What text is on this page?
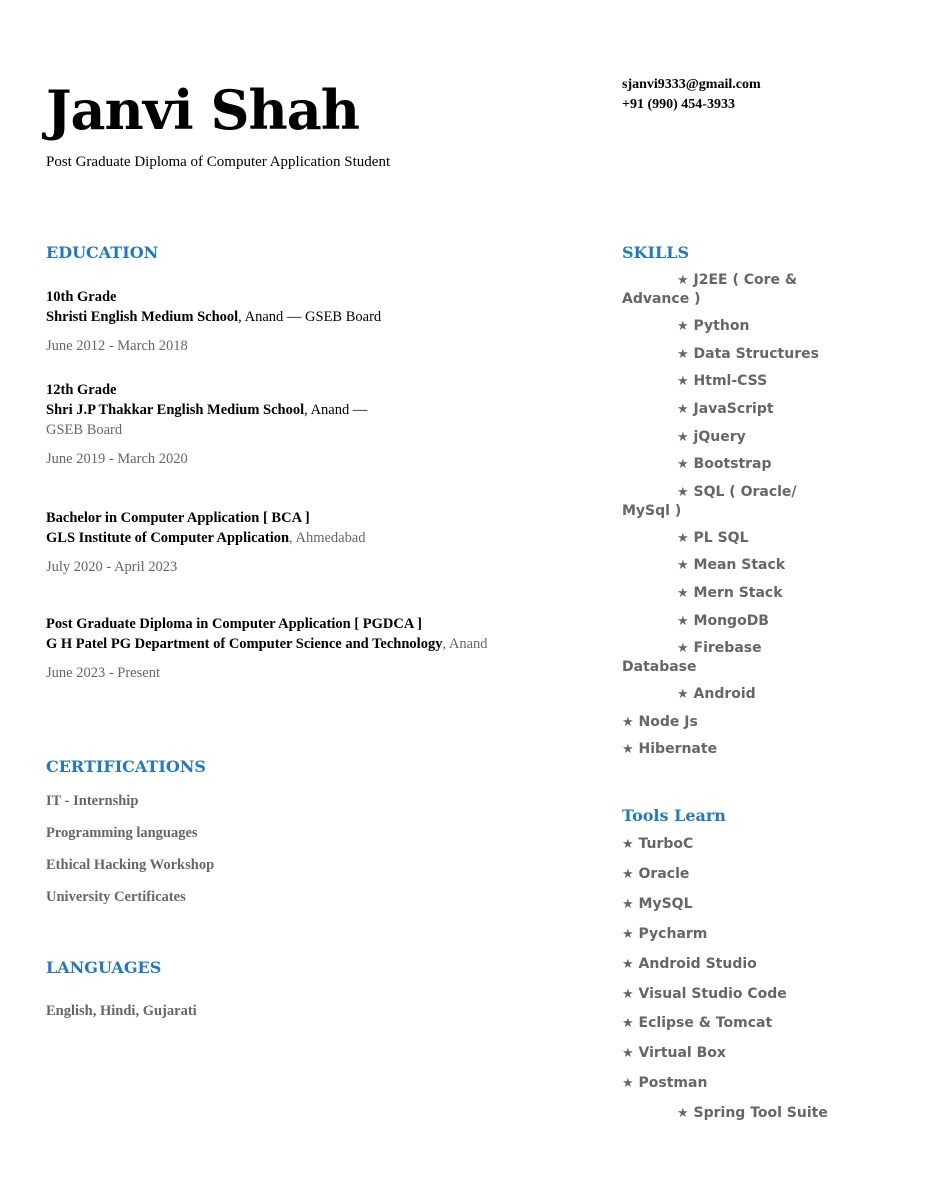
Janvi Shah
Post Graduate Diploma of Computer Application Student
sjanvi9333@gmail.com
+91 (990) 454-3933
EDUCATION
10th Grade
Shristi English Medium School, Anand — GSEB Board
June 2012 - March 2018
12th Grade
Shri J.P Thakkar English Medium School, Anand —
GSEB Board
June 2019 - March 2020
Bachelor in Computer Application [ BCA ]
GLS Institute of Computer Application, Ahmedabad
July 2020 - April 2023
Post Graduate Diploma in Computer Application [ PGDCA ]
G H Patel PG Department of Computer Science and Technology, Anand
June 2023 - Present
CERTIFICATIONS
IT - Internship
Programming languages
Ethical Hacking Workshop
University Certificates
LANGUAGES
English, Hindi, Gujarati
SKILLS
★ J2EE ( Core & Advance )
★ Python
★ Data Structures
★ Html-CSS
★ JavaScript
★ jQuery
★ Bootstrap
★ SQL ( Oracle/ MySql )
★ PL SQL
★ Mean Stack
★ Mern Stack
★ MongoDB
★ Firebase Database
★ Android
★ Node Js
★ Hibernate
Tools Learn
★ TurboC
★ Oracle
★ MySQL
★ Pycharm
★ Android Studio
★ Visual Studio Code
★ Eclipse & Tomcat
★ Virtual Box
★ Postman
★ Spring Tool Suite
